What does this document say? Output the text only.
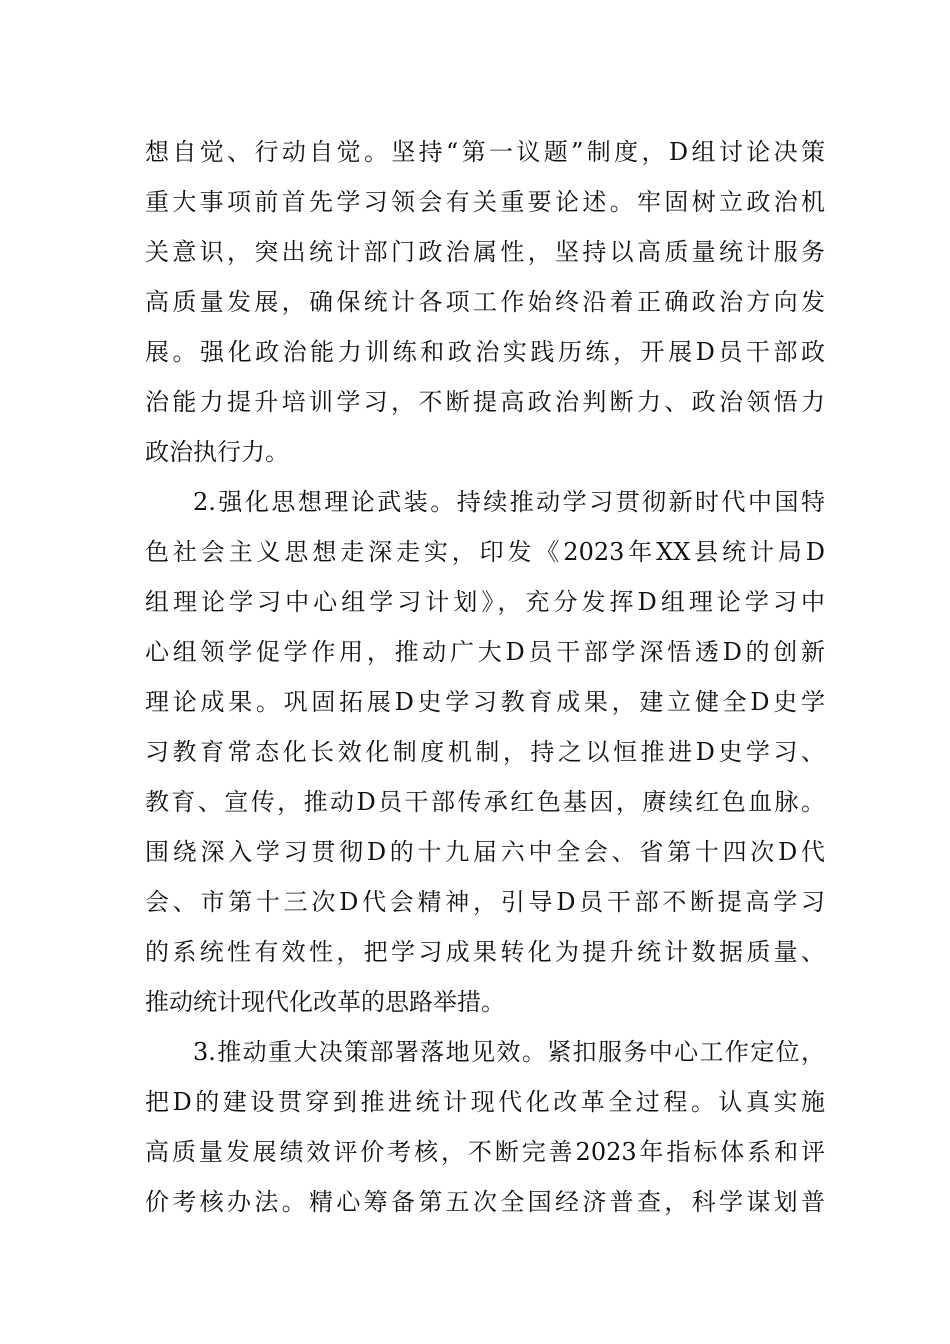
想自觉、行动自觉。坚持“第一议题”制度，D组讨论决策
重大事项前首先学习领会有关重要论述。牢固树立政治机
关意识，突出统计部门政治属性，坚持以高质量统计服务
高质量发展，确保统计各项工作始终沿着正确政治方向发
展。强化政治能力训练和政治实践历练，开展D员干部政
治能力提升培训学习，不断提高政治判断力、政治领悟力
政治执行力。
2.强化思想理论武装。持续推动学习贯彻新时代中国特
色社会主义思想走深走实，印发《2023年XX县统计局D
组理论学习中心组学习计划》，充分发挥D组理论学习中
心组领学促学作用，推动广大D员干部学深悟透D的创新
理论成果。巩固拓展D史学习教育成果，建立健全D史学
习教育常态化长效化制度机制，持之以恒推进D史学习、
教育、宣传，推动D员干部传承红色基因，赓续红色血脉。
围绕深入学习贯彻D的十九届六中全会、省第十四次D代
会、市第十三次D代会精神，引导D员干部不断提高学习
的系统性有效性，把学习成果转化为提升统计数据质量、
推动统计现代化改革的思路举措。
3.推动重大决策部署落地见效。紧扣服务中心工作定位，
把D的建设贯穿到推进统计现代化改革全过程。认真实施
高质量发展绩效评价考核，不断完善2023年指标体系和评
价考核办法。精心筹备第五次全国经济普查，科学谋划普
